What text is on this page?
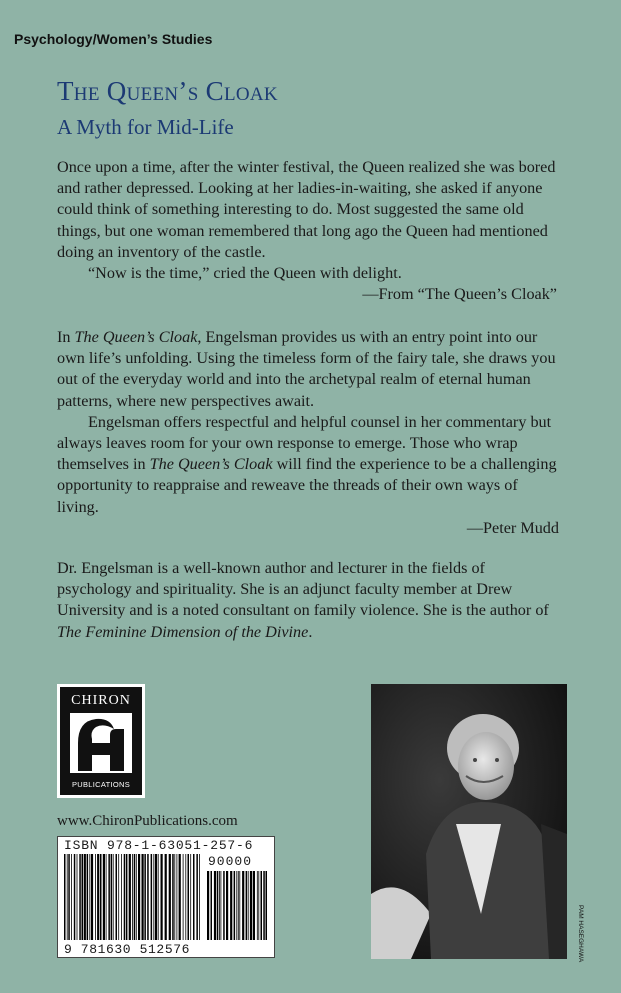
Psychology/Women’s Studies
The Queen’s Cloak
A Myth for Mid-Life

Once upon a time, after the winter festival, the Queen realized she was bored and rather depressed. Looking at her ladies-in-waiting, she asked if anyone could think of something interesting to do. Most suggested the same old things, but one woman remembered that long ago the Queen had mentioned doing an inventory of the castle.

“Now is the time,” cried the Queen with delight.

—From “The Queen’s Cloak”

In The Queen’s Cloak, Engelsman provides us with an entry point into our own life’s unfolding. Using the timeless form of the fairy tale, she draws you out of the everyday world and into the archetypal realm of eternal human patterns, where new perspectives await.

Engelsman offers respectful and helpful counsel in her commentary but always leaves room for your own response to emerge. Those who wrap themselves in The Queen’s Cloak will find the experience to be a challenging opportunity to reappraise and reweave the threads of their own ways of living.

—Peter Mudd

Dr. Engelsman is a well-known author and lecturer in the fields of psychology and spirituality. She is an adjunct faculty member at Drew University and is a noted consultant on family violence. She is the author of The Feminine Dimension of the Divine.

CHIRON
PUBLICATIONS
www.ChironPublications.com
ISBN 978-1-63051-257-6
90000
9 781630 512576	PAM HASEGHAWA
